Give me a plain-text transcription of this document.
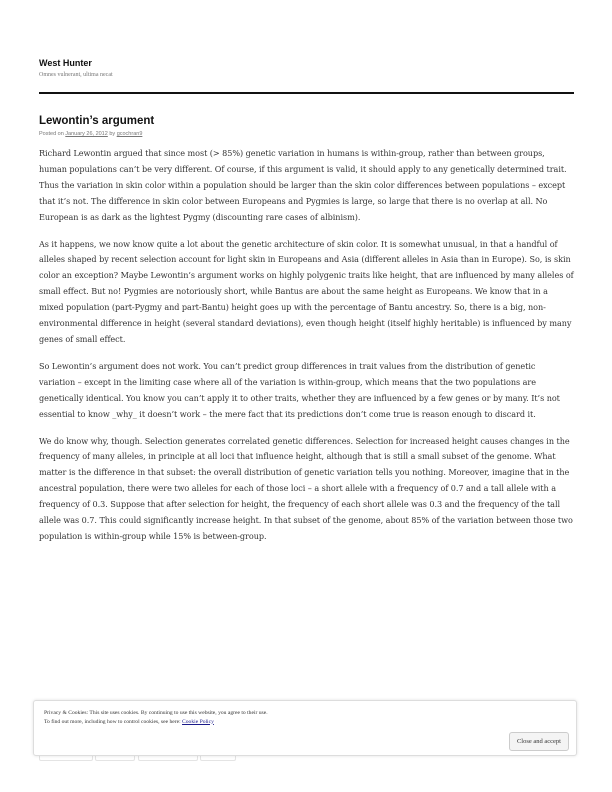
West Hunter
Omnes vulnerant, ultima necat
Lewontin’s argument
Posted on January 26, 2012 by gcochran9

Richard Lewontin argued that since most (> 85%) genetic variation in humans is within-group, rather than between groups, human populations can’t be very different. Of course, if this argument is valid, it should apply to any genetically determined trait. Thus the variation in skin color within a population should be larger than the skin color differences between populations – except that it’s not. The difference in skin color between Europeans and Pygmies is large, so large that there is no overlap at all. No European is as dark as the lightest Pygmy (discounting rare cases of albinism).

As it happens, we now know quite a lot about the genetic architecture of skin color. It is somewhat unusual, in that a handful of alleles shaped by recent selection account for light skin in Europeans and Asia (different alleles in Asia than in Europe). So, is skin color an exception? Maybe Lewontin’s argument works on highly polygenic traits like height, that are influenced by many alleles of small effect. But no! Pygmies are notoriously short, while Bantus are about the same height as Europeans. We know that in a mixed population (part-Pygmy and part-Bantu) height goes up with the percentage of Bantu ancestry. So, there is a big, non-environmental difference in height (several standard deviations), even though height (itself highly heritable) is influenced by many genes of small effect.

So Lewontin’s argument does not work. You can’t predict group differences in trait values from the distribution of genetic variation – except in the limiting case where all of the variation is within-group, which means that the two populations are genetically identical. You know you can’t apply it to other traits, whether they are influenced by a few genes or by many. It’s not essential to know _why_ it doesn’t work – the mere fact that its predictions don’t come true is reason enough to discard it.

We do know why, though. Selection generates correlated genetic differences. Selection for increased height causes changes in the frequency of many alleles, in principle at all loci that influence height, although that is still a small subset of the genome. What matter is the difference in that subset: the overall distribution of genetic variation tells you nothing. Moreover, imagine that in the ancestral population, there were two alleles for each of those loci – a short allele with a frequency of 0.7 and a tall allele with a frequency of 0.3. Suppose that after selection for height, the frequency of each short allele was 0.3 and the frequency of the tall allele was 0.7. This could significantly increase height. In that subset of the genome, about 85% of the variation between those two population is within-group while 15% is between-group.

Privacy & Cookies: This site uses cookies. By continuing to use this website, you agree to their use.
To find out more, including how to control cookies, see here: Cookie Policy
Close and accept
